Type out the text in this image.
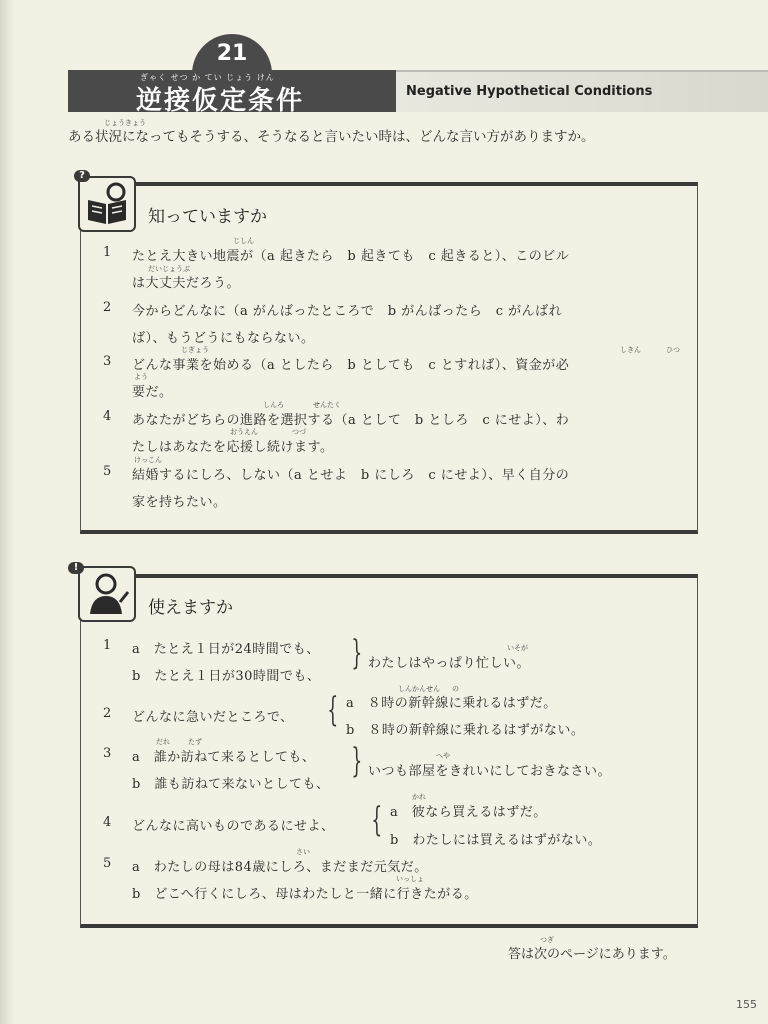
21
ぎゃく せつ か てい じょう けん
逆接仮定条件	Negative Hypothetical Conditions
じょうきょう
ある状況になってもそうする、そうなると言いたい時は、どんな言い方がありますか。
?
知っていますか
1
じしん
たとえ大きい地震が（a 起きたら　b 起きても　c 起きると）、このビル
だいじょうぶ
は大丈夫だろう。
2 今からどんなに（a がんばったところで　b がんばったら　c がんばれ
ば）、もうどうにもならない。
3
じぎょう	しきん	ひつ
どんな事業を始める（a としたら　b としても　c とすれば）、資金が必
よう
要だ。
4
しんろ	せんたく
あなたがどちらの進路を選択する（a として　b としろ　c にせよ）、わ
おうえん	つづ
たしはあなたを応援し続けます。
5
けっこん
結婚するにしろ、しない（a とせよ　b にしろ　c にせよ）、早く自分の
家を持ちたい。
!
使えますか
1 a　たとえ１日が24時間でも、
b　たとえ１日が30時間でも、
}	いそが
わたしはやっぱり忙しい。
2 どんなに急いだところで、 {
しんかんせん の
a　８時の新幹線に乗れるはずだ。
b　８時の新幹線に乗れるはずがない。
3
だれ	たず
a　誰か訪ねて来るとしても、
b　誰も訪ねて来ないとしても、
}	へや
いつも部屋をきれいにしておきなさい。
4 どんなに高いものであるにせよ、 {
かれ
a　彼なら買えるはずだ。
b　わたしには買えるはずがない。
5
さい
a　わたしの母は84歳にしろ、まだまだ元気だ。
いっしょ
b　どこへ行くにしろ、母はわたしと一緒に行きたがる。
つぎ
答は次のページにあります。
155
